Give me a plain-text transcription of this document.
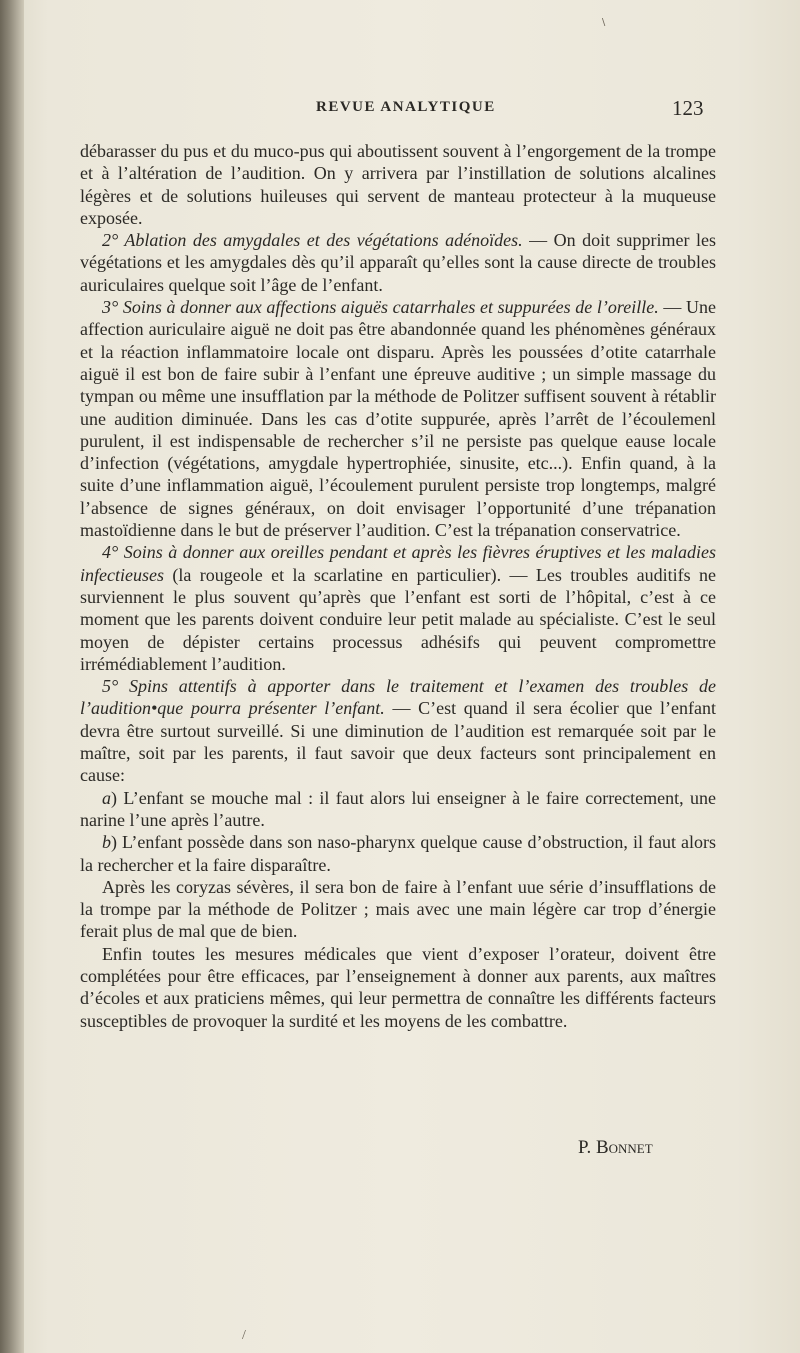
∖
REVUE ANALYTIQUE	123

débarasser du pus et du muco-pus qui aboutissent souvent à l’engorgement de la trompe et à l’altération de l’audition. On y arrivera par l’instillation de solutions alcalines légères et de solutions huileuses qui servent de manteau protecteur à la muqueuse exposée.

2° Ablation des amygdales et des végétations adénoïdes. — On doit supprimer les végétations et les amygdales dès qu’il apparaît qu’elles sont la cause directe de troubles auriculaires quelque soit l’âge de l’enfant.

3° Soins à donner aux affections aiguës catarrhales et suppurées de l’oreille. — Une affection auriculaire aiguë ne doit pas être abandonnée quand les phénomènes généraux et la réaction inflammatoire locale ont disparu. Après les poussées d’otite catarrhale aiguë il est bon de faire subir à l’enfant une épreuve auditive ; un simple massage du tympan ou même une insufflation par la méthode de Politzer suffisent souvent à rétablir une audition diminuée. Dans les cas d’otite suppurée, après l’arrêt de l’écoulemenl purulent, il est indispensable de rechercher s’il ne persiste pas quelque eause locale d’infection (végétations, amygdale hypertrophiée, sinusite, etc...). Enfin quand, à la suite d’une inflammation aiguë, l’écoulement purulent persiste trop longtemps, malgré l’absence de signes généraux, on doit envisager l’opportunité d’une trépanation mastoïdienne dans le but de préserver l’audition. C’est la trépanation conservatrice.

4° Soins à donner aux oreilles pendant et après les fièvres éruptives et les maladies infectieuses (la rougeole et la scarlatine en particulier). — Les troubles auditifs ne surviennent le plus souvent qu’après que l’enfant est sorti de l’hôpital, c’est à ce moment que les parents doivent conduire leur petit malade au spécialiste. C’est le seul moyen de dépister certains processus adhésifs qui peuvent compromettre irrémédiablement l’audition.

5° Spins attentifs à apporter dans le traitement et l’examen des troubles de l’audition•que pourra présenter l’enfant. — C’est quand il sera écolier que l’enfant devra être surtout surveillé. Si une diminution de l’audition est remarquée soit par le maître, soit par les parents, il faut savoir que deux facteurs sont principalement en cause:

a) L’enfant se mouche mal : il faut alors lui enseigner à le faire correctement, une narine l’une après l’autre.

b) L’enfant possède dans son naso-pharynx quelque cause d’obstruction, il faut alors la rechercher et la faire disparaître.

Après les coryzas sévères, il sera bon de faire à l’enfant uue série d’insufflations de la trompe par la méthode de Politzer ; mais avec une main légère car trop d’énergie ferait plus de mal que de bien.

Enfin toutes les mesures médicales que vient d’exposer l’orateur, doivent être complétées pour être efficaces, par l’enseignement à donner aux parents, aux maîtres d’écoles et aux praticiens mêmes, qui leur permettra de connaître les différents facteurs susceptibles de provoquer la surdité et les moyens de les combattre.

P. Bonnet
/
